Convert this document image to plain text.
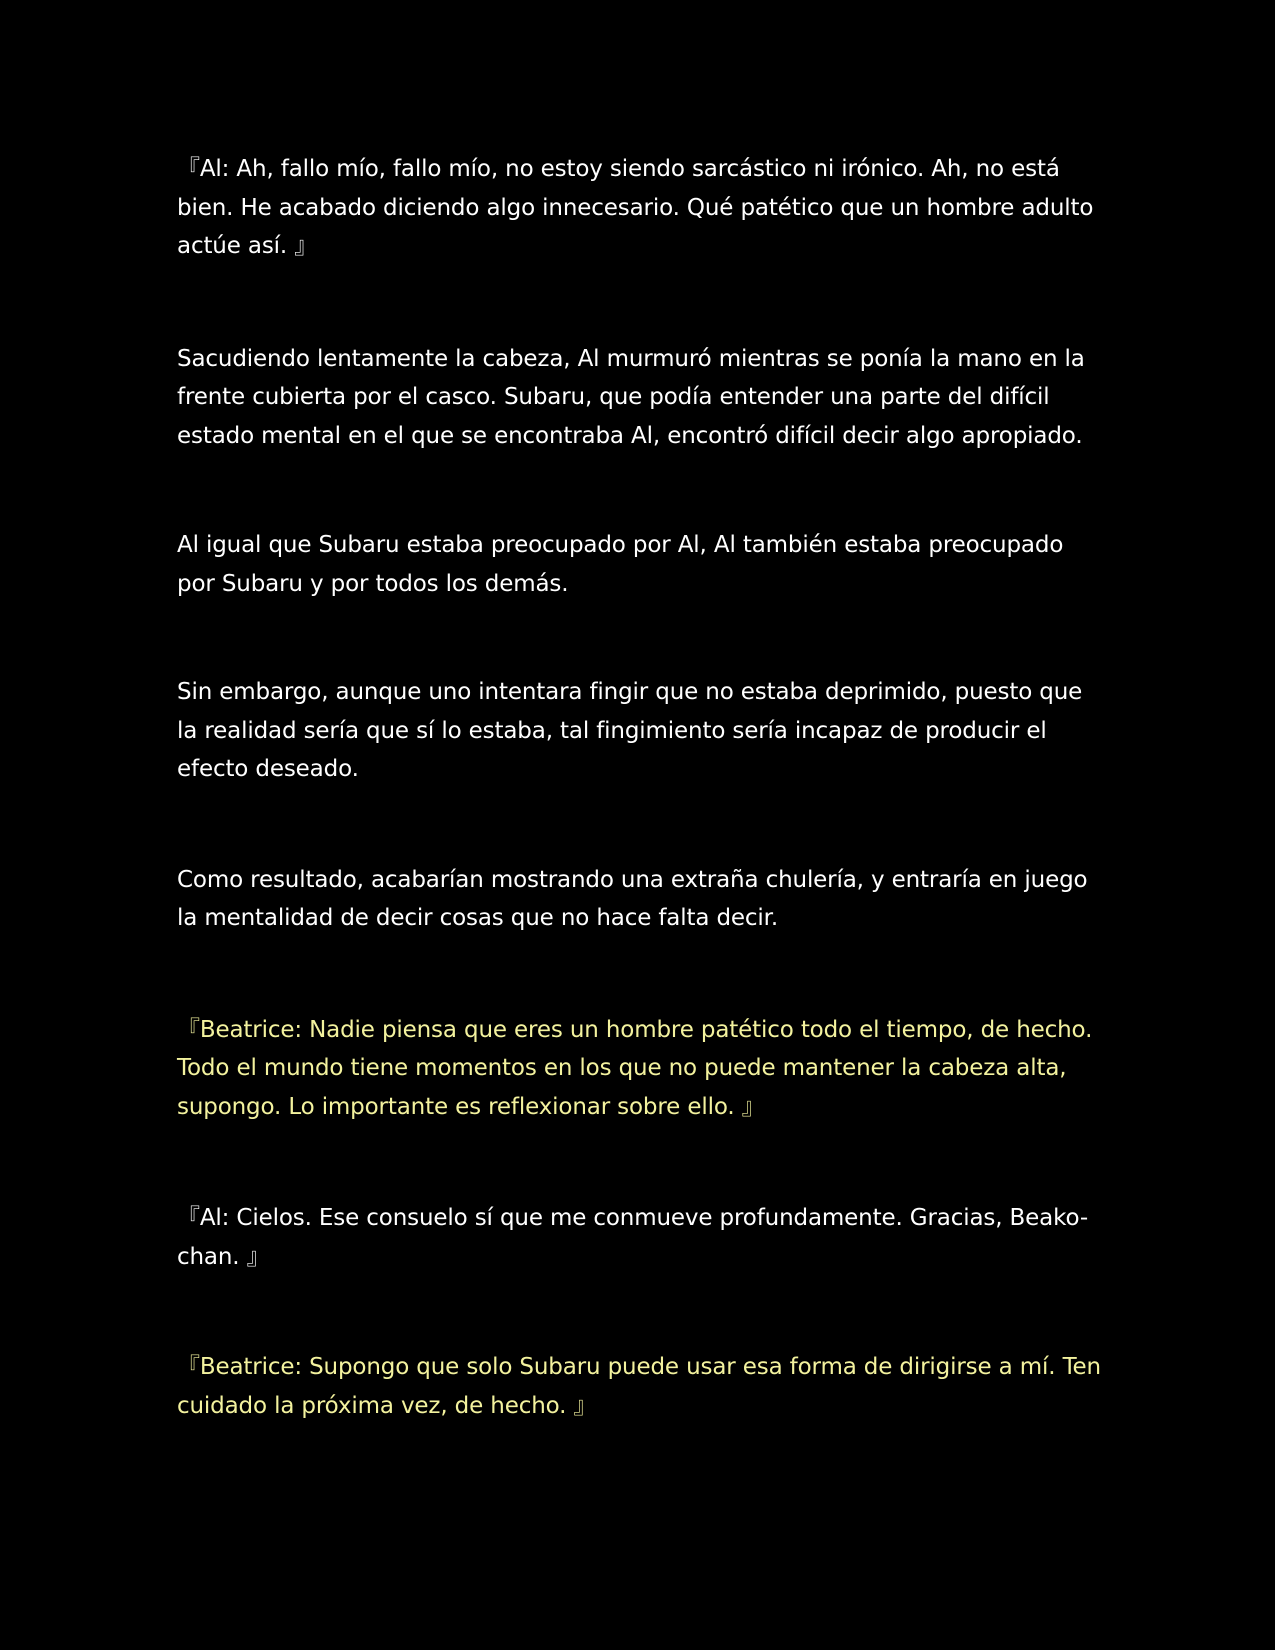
『Al: Ah, fallo mío, fallo mío, no estoy siendo sarcástico ni irónico. Ah, no está bien. He acabado diciendo algo innecesario. Qué patético que un hombre adulto actúe así. 』

Sacudiendo lentamente la cabeza, Al murmuró mientras se ponía la mano en la frente cubierta por el casco. Subaru, que podía entender una parte del difícil estado mental en el que se encontraba Al, encontró difícil decir algo apropiado.

Al igual que Subaru estaba preocupado por Al, Al también estaba preocupado por Subaru y por todos los demás.

Sin embargo, aunque uno intentara fingir que no estaba deprimido, puesto que la realidad sería que sí lo estaba, tal fingimiento sería incapaz de producir el efecto deseado.

Como resultado, acabarían mostrando una extraña chulería, y entraría en juego la mentalidad de decir cosas que no hace falta decir.

『Beatrice: Nadie piensa que eres un hombre patético todo el tiempo, de hecho. Todo el mundo tiene momentos en los que no puede mantener la cabeza alta, supongo. Lo importante es reflexionar sobre ello. 』

『Al: Cielos. Ese consuelo sí que me conmueve profundamente. Gracias, Beako-chan. 』

『Beatrice: Supongo que solo Subaru puede usar esa forma de dirigirse a mí. Ten cuidado la próxima vez, de hecho. 』
